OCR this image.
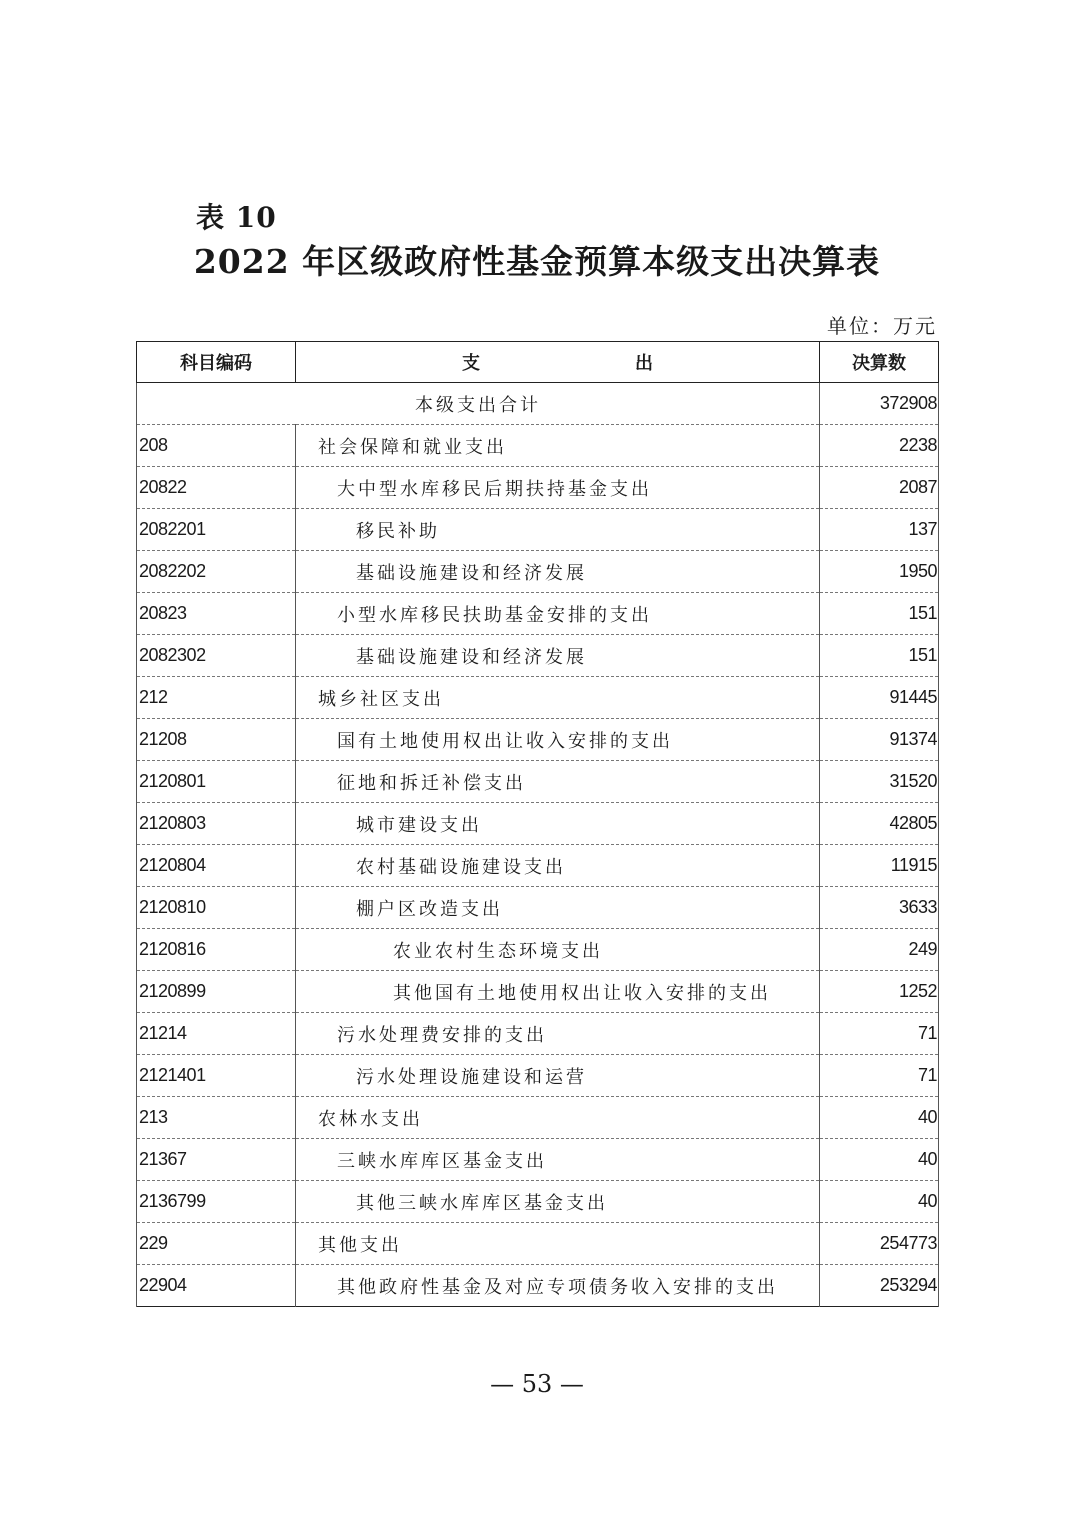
表 10
2022 年区级政府性基金预算本级支出决算表
单位：万元
科目编码	支 出	决算数
本级支出合计		372908
208	社会保障和就业支出	2238
20822	大中型水库移民后期扶持基金支出	2087
2082201	移民补助	137
2082202	基础设施建设和经济发展	1950
20823	小型水库移民扶助基金安排的支出	151
2082302	基础设施建设和经济发展	151
212	城乡社区支出	91445
21208	国有土地使用权出让收入安排的支出	91374
2120801	征地和拆迁补偿支出	31520
2120803	城市建设支出	42805
2120804	农村基础设施建设支出	11915
2120810	棚户区改造支出	3633
2120816	农业农村生态环境支出	249
2120899	其他国有土地使用权出让收入安排的支出	1252
21214	污水处理费安排的支出	71
2121401	污水处理设施建设和运营	71
213	农林水支出	40
21367	三峡水库库区基金支出	40
2136799	其他三峡水库库区基金支出	40
229	其他支出	254773
22904	其他政府性基金及对应专项债务收入安排的支出	253294
— 53 —
